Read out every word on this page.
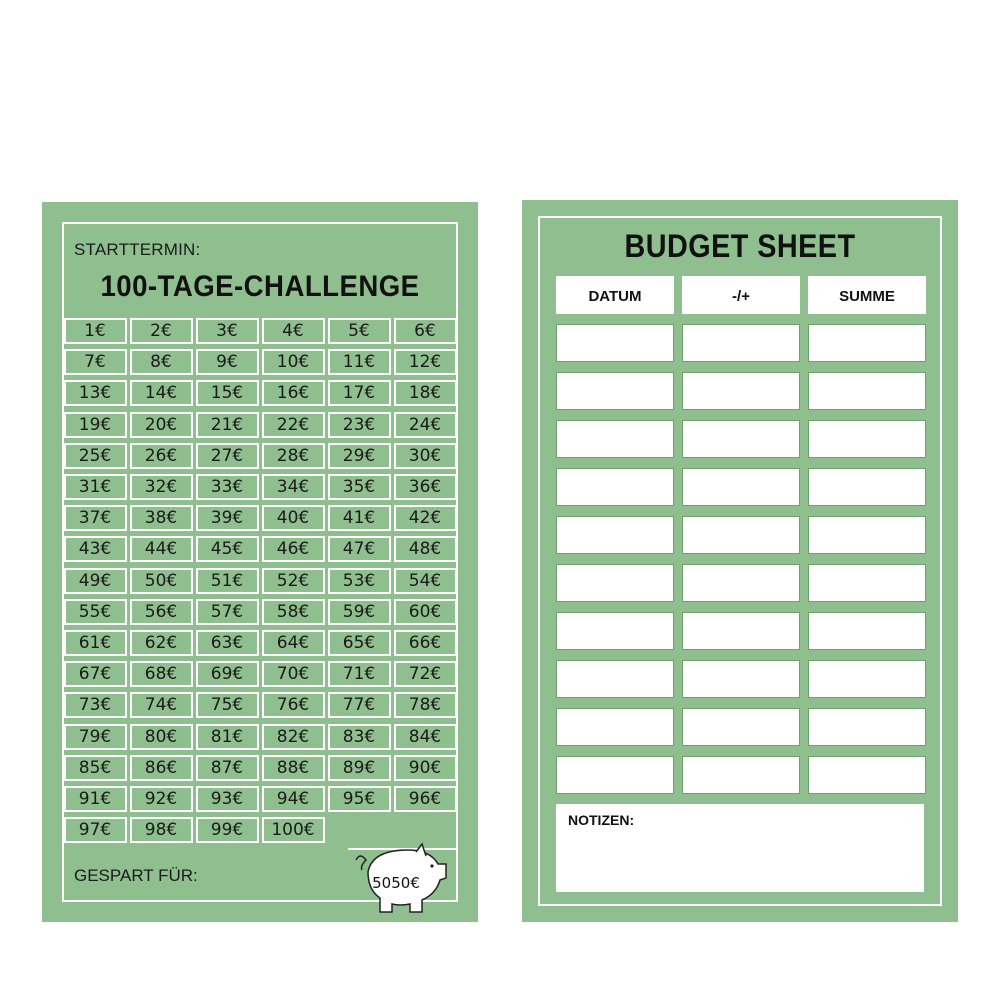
STARTTERMIN:
100-TAGE-CHALLENGE
1€	2€	3€	4€	5€	6€
7€	8€	9€	10€	11€	12€
13€	14€	15€	16€	17€	18€
19€	20€	21€	22€	23€	24€
25€	26€	27€	28€	29€	30€
31€	32€	33€	34€	35€	36€
37€	38€	39€	40€	41€	42€
43€	44€	45€	46€	47€	48€
49€	50€	51€	52€	53€	54€
55€	56€	57€	58€	59€	60€
61€	62€	63€	64€	65€	66€
67€	68€	69€	70€	71€	72€
73€	74€	75€	76€	77€	78€
79€	80€	81€	82€	83€	84€
85€	86€	87€	88€	89€	90€
91€	92€	93€	94€	95€	96€
97€	98€	99€	100€
GESPART FÜR:	5050€
BUDGET SHEET
DATUM	-/+	SUMME
NOTIZEN:
